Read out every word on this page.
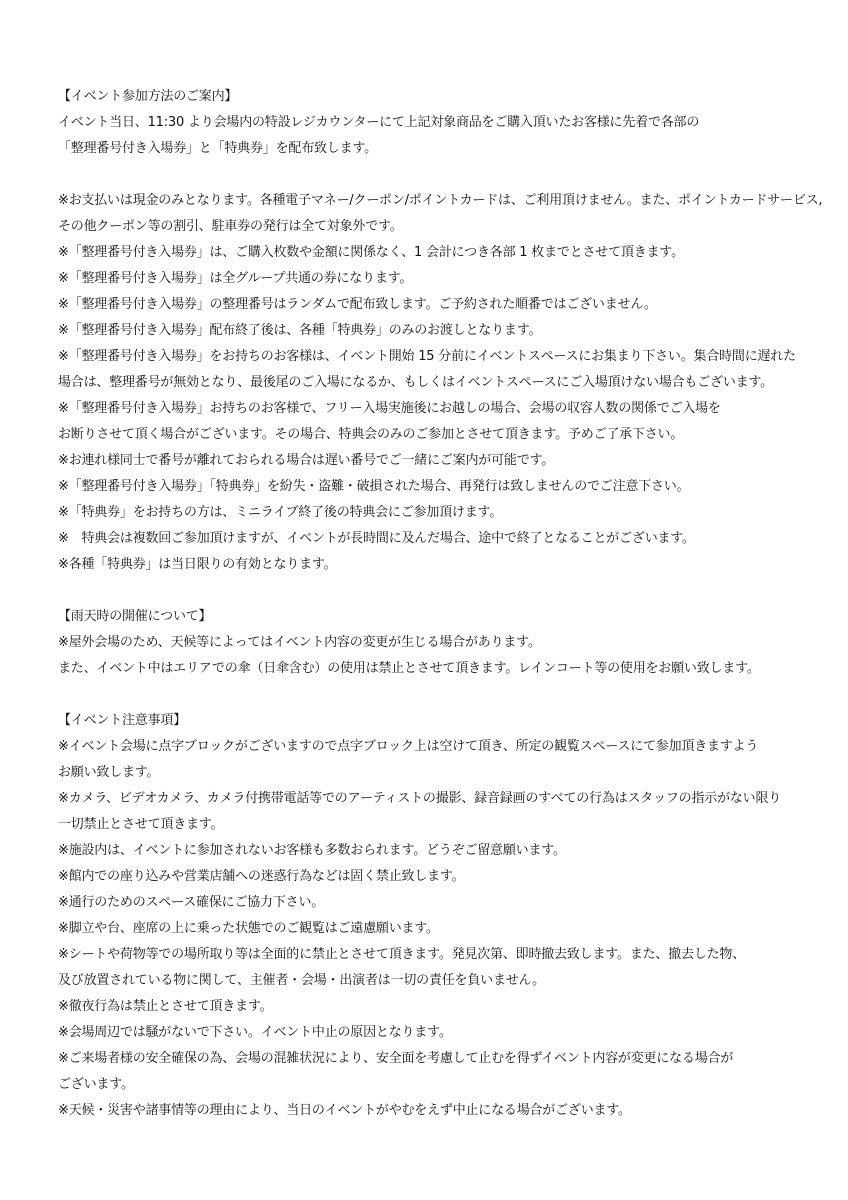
【イベント参加方法のご案内】
イベント当日、11:30 より会場内の特設レジカウンターにて上記対象商品をご購入頂いたお客様に先着で各部の
「整理番号付き入場券」と「特典券」を配布致します。
※お支払いは現金のみとなります。各種電子マネー/クーポン/ポイントカードは、ご利用頂けません。また、ポイントカードサービス,
その他クーポン等の割引、駐車券の発行は全て対象外です。
※「整理番号付き入場券」は、ご購入枚数や金額に関係なく、1 会計につき各部 1 枚までとさせて頂きます。
※「整理番号付き入場券」は全グループ共通の券になります。
※「整理番号付き入場券」の整理番号はランダムで配布致します。ご予約された順番ではございません。
※「整理番号付き入場券」配布終了後は、各種「特典券」のみのお渡しとなります。
※「整理番号付き入場券」をお持ちのお客様は、イベント開始 15 分前にイベントスペースにお集まり下さい。集合時間に遅れた
場合は、整理番号が無効となり、最後尾のご入場になるか、もしくはイベントスペースにご入場頂けない場合もございます。
※「整理番号付き入場券」お持ちのお客様で、フリー入場実施後にお越しの場合、会場の収容人数の関係でご入場を
お断りさせて頂く場合がございます。その場合、特典会のみのご参加とさせて頂きます。予めご了承下さい。
※お連れ様同士で番号が離れておられる場合は遅い番号でご一緒にご案内が可能です。
※「整理番号付き入場券」「特典券」を紛失・盗難・破損された場合、再発行は致しませんのでご注意下さい。
※「特典券」をお持ちの方は、ミニライブ終了後の特典会にご参加頂けます。
※　特典会は複数回ご参加頂けますが、イベントが長時間に及んだ場合、途中で終了となることがございます。
※各種「特典券」は当日限りの有効となります。
【雨天時の開催について】
※屋外会場のため、天候等によってはイベント内容の変更が生じる場合があります。
また、イベント中はエリアでの傘（日傘含む）の使用は禁止とさせて頂きます。レインコート等の使用をお願い致します。
【イベント注意事項】
※イベント会場に点字ブロックがございますので点字ブロック上は空けて頂き、所定の観覧スペースにて参加頂きますよう
お願い致します。
※カメラ、ビデオカメラ、カメラ付携帯電話等でのアーティストの撮影、録音録画のすべての行為はスタッフの指示がない限り
一切禁止とさせて頂きます。
※施設内は、イベントに参加されないお客様も多数おられます。どうぞご留意願います。
※館内での座り込みや営業店舗への迷惑行為などは固く禁止致します。
※通行のためのスペース確保にご協力下さい。
※脚立や台、座席の上に乗った状態でのご観覧はご遠慮願います。
※シートや荷物等での場所取り等は全面的に禁止とさせて頂きます。発見次第、即時撤去致します。また、撤去した物、
及び放置されている物に関して、主催者・会場・出演者は一切の責任を負いません。
※徹夜行為は禁止とさせて頂きます。
※会場周辺では騒がないで下さい。イベント中止の原因となります。
※ご来場者様の安全確保の為、会場の混雑状況により、安全面を考慮して止むを得ずイベント内容が変更になる場合が
ございます。
※天候・災害や諸事情等の理由により、当日のイベントがやむをえず中止になる場合がございます。
